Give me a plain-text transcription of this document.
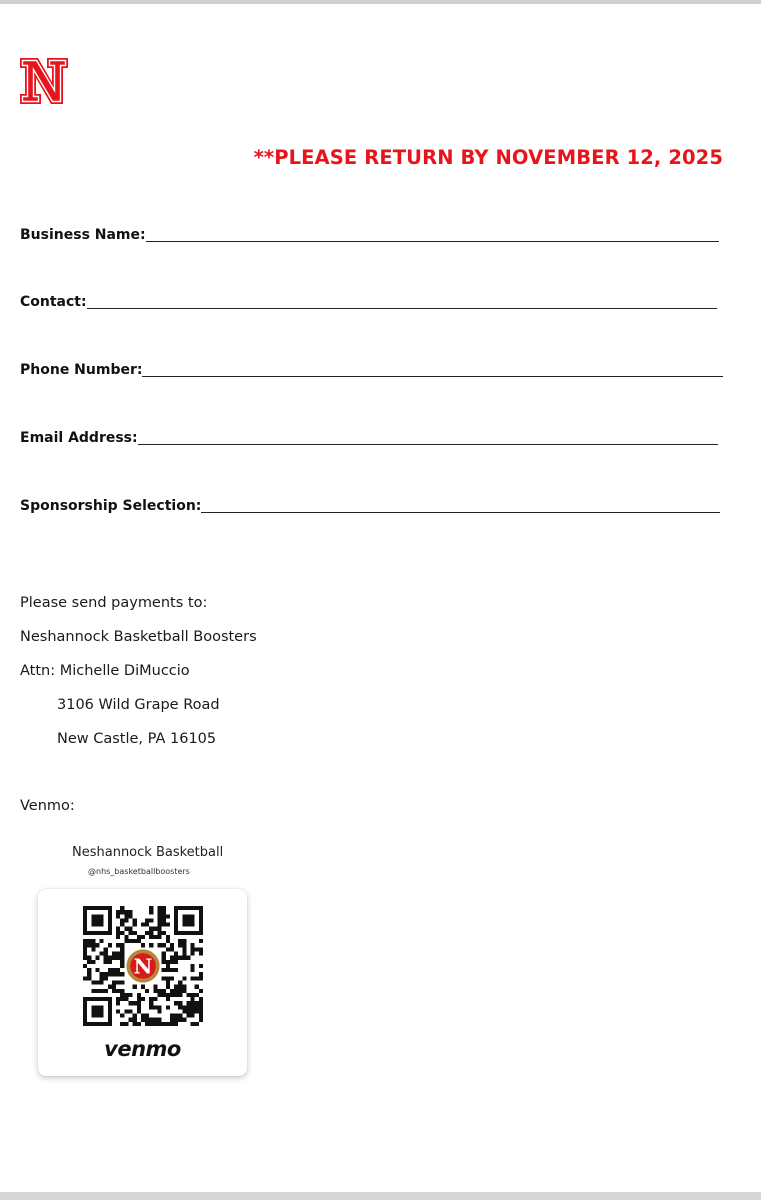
**PLEASE RETURN BY NOVEMBER 12, 2025
Business Name:
Contact:
Phone Number:
Email Address:
Sponsorship Selection:
Please send payments to:
Neshannock Basketball Boosters
Attn: Michelle DiMuccio
3106 Wild Grape Road
New Castle, PA 16105
Venmo:
Neshannock Basketball
@nhs_basketballboosters
N
venmo
